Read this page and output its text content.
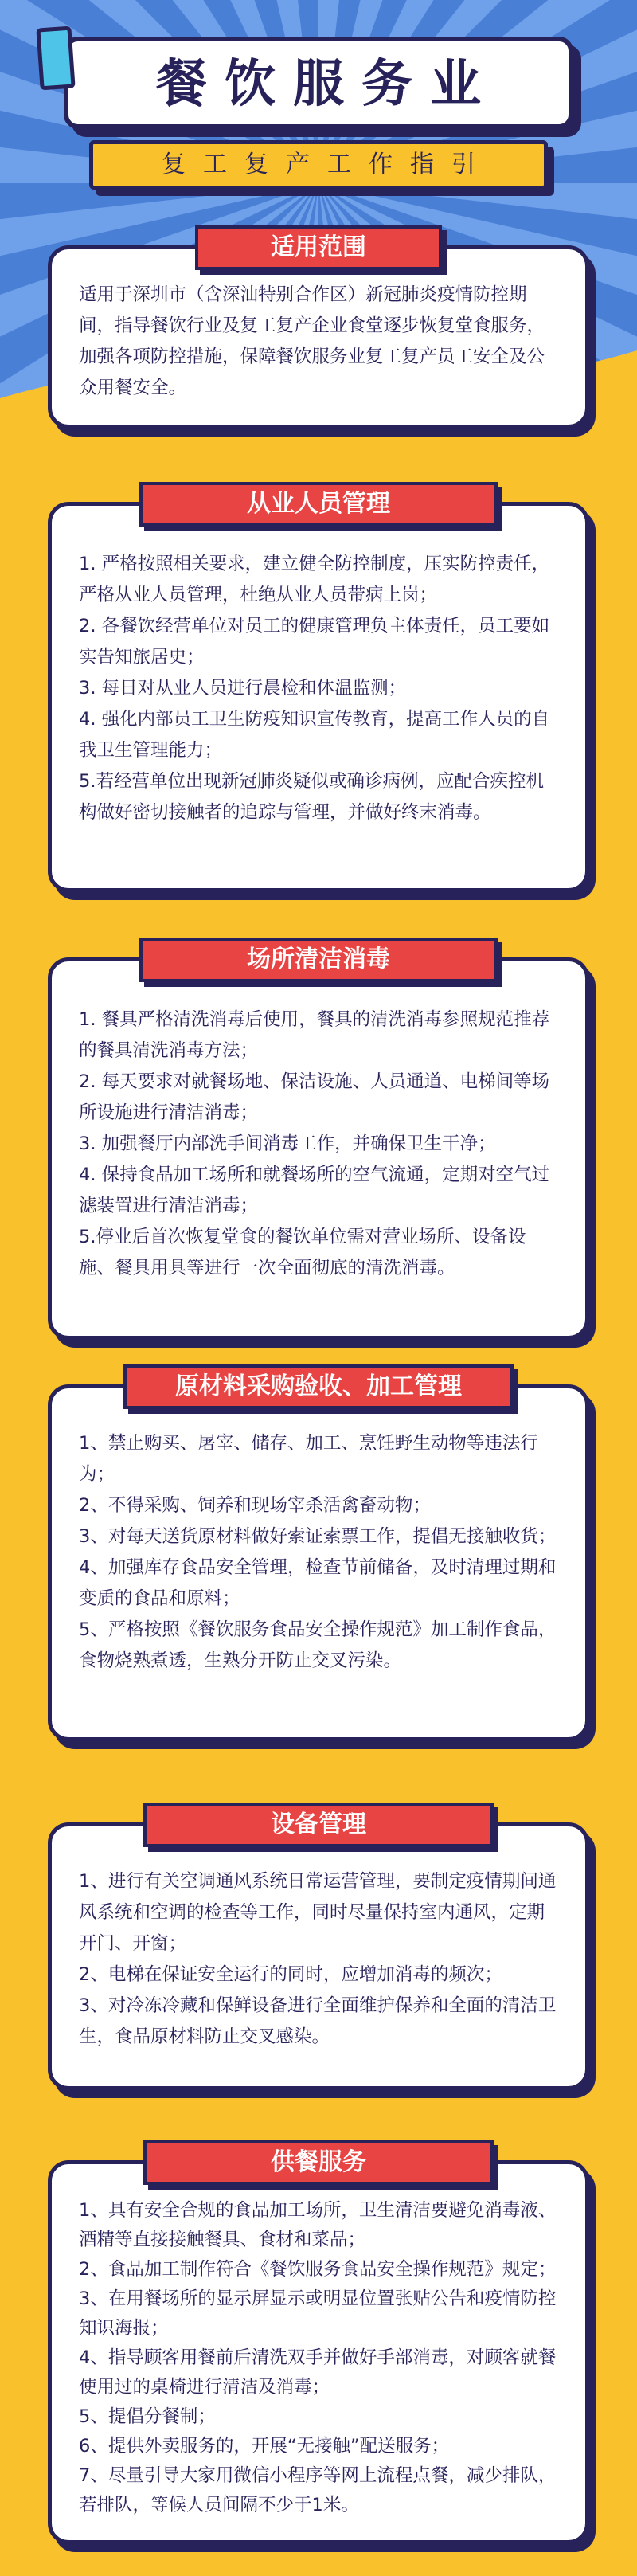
餐饮服务业
复工复产工作指引
适用范围

适用于深圳市（含深汕特别合作区）新冠肺炎疫情防控期间，指导餐饮行业及复工复产企业食堂逐步恢复堂食服务，加强各项防控措施，保障餐饮服务业复工复产员工安全及公众用餐安全。

从业人员管理

1. 严格按照相关要求，建立健全防控制度，压实防控责任，严格从业人员管理，杜绝从业人员带病上岗；

2. 各餐饮经营单位对员工的健康管理负主体责任，员工要如实告知旅居史；

3. 每日对从业人员进行晨检和体温监测；

4. 强化内部员工卫生防疫知识宣传教育，提高工作人员的自我卫生管理能力；

5.若经营单位出现新冠肺炎疑似或确诊病例，应配合疾控机构做好密切接触者的追踪与管理，并做好终末消毒。

场所清洁消毒

1. 餐具严格清洗消毒后使用，餐具的清洗消毒参照规范推荐的餐具清洗消毒方法；

2. 每天要求对就餐场地、保洁设施、人员通道、电梯间等场所设施进行清洁消毒；

3. 加强餐厅内部洗手间消毒工作，并确保卫生干净；

4. 保持食品加工场所和就餐场所的空气流通，定期对空气过滤装置进行清洁消毒；

5.停业后首次恢复堂食的餐饮单位需对营业场所、设备设施、餐具用具等进行一次全面彻底的清洗消毒。

原材料采购验收、加工管理

1、禁止购买、屠宰、储存、加工、烹饪野生动物等违法行为；

2、不得采购、饲养和现场宰杀活禽畜动物；

3、对每天送货原材料做好索证索票工作，提倡无接触收货；

4、加强库存食品安全管理，检查节前储备，及时清理过期和变质的食品和原料；

5、严格按照《餐饮服务食品安全操作规范》加工制作食品，食物烧熟煮透，生熟分开防止交叉污染。

设备管理

1、进行有关空调通风系统日常运营管理，要制定疫情期间通风系统和空调的检查等工作，同时尽量保持室内通风，定期开门、开窗；

2、电梯在保证安全运行的同时，应增加消毒的频次；

3、对冷冻冷藏和保鲜设备进行全面维护保养和全面的清洁卫生，食品原材料防止交叉感染。

供餐服务

1、具有安全合规的食品加工场所，卫生清洁要避免消毒液、酒精等直接接触餐具、食材和菜品；

2、食品加工制作符合《餐饮服务食品安全操作规范》规定；

3、在用餐场所的显示屏显示或明显位置张贴公告和疫情防控知识海报；

4、指导顾客用餐前后清洗双手并做好手部消毒，对顾客就餐使用过的桌椅进行清洁及消毒；

5、提倡分餐制；

6、提供外卖服务的，开展“无接触”配送服务；

7、尽量引导大家用微信小程序等网上流程点餐，减少排队，若排队，等候人员间隔不少于1米。
